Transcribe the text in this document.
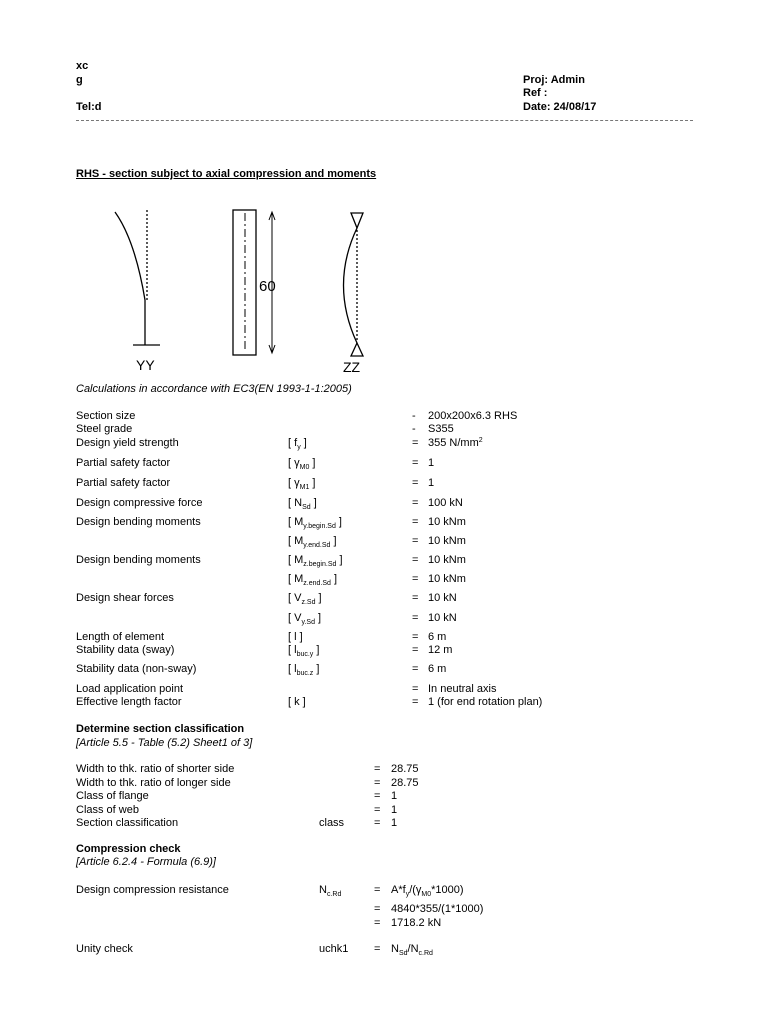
xc
g
Tel:d
Proj: Admin
Ref :
Date: 24/08/17
RHS - section subject to axial compression and moments
YY
60
ZZ
Calculations in accordance with EC3(EN 1993-1-1:2005)
Section size	- 200x200x6.3 RHS
Steel grade	- S355
Design yield strength	[ $f_y$ ]	= 355 $N/mm^2$
Partial safety factor	[ $\gamma_{M0}$ ]	= 1
Partial safety factor	[ $\gamma_{M1}$ ]	= 1
Design compressive force	[ $N_{Sd}$ ]	= 100 kN
Design bending moments	[ $M_{y.begin.Sd}$ ]	= 10 kNm
[ $M_{y.end.Sd}$ ]	= 10 kNm
Design bending moments	[ $M_{z.begin.Sd}$ ]	= 10 kNm
[ $M_{z.end.Sd}$ ]	= 10 kNm
Design shear forces	[ $V_{z.Sd}$ ]	= 10 kN
[ $V_{y.Sd}$ ]	= 10 kN
Length of element	[ l ]	= 6 m
Stability data (sway)	[ $l_{buc.y}$ ]	= 12 m
Stability data (non-sway)	[ $l_{buc.z}$ ]	= 6 m
Load application point	= In neutral axis
Effective length factor	[ k ]	= 1 (for end rotation plan)
Determine section classification
[Article 5.5 - Table (5.2) Sheet1 of 3]
Width to thk. ratio of shorter side	= 28.75
Width to thk. ratio of longer side	= 28.75
Class of flange	= 1
Class of web	= 1
Section classification	class	= 1
Compression check
[Article 6.2.4 - Formula (6.9)]
Design compression resistance	$N_{c.Rd}$	= $A*f_y/(\gamma_{M0}*1000)$
= 4840*355/(1*1000)
= 1718.2 kN
Unity check	uchk1 = $N_{Sd}/N_{c.Rd}$
